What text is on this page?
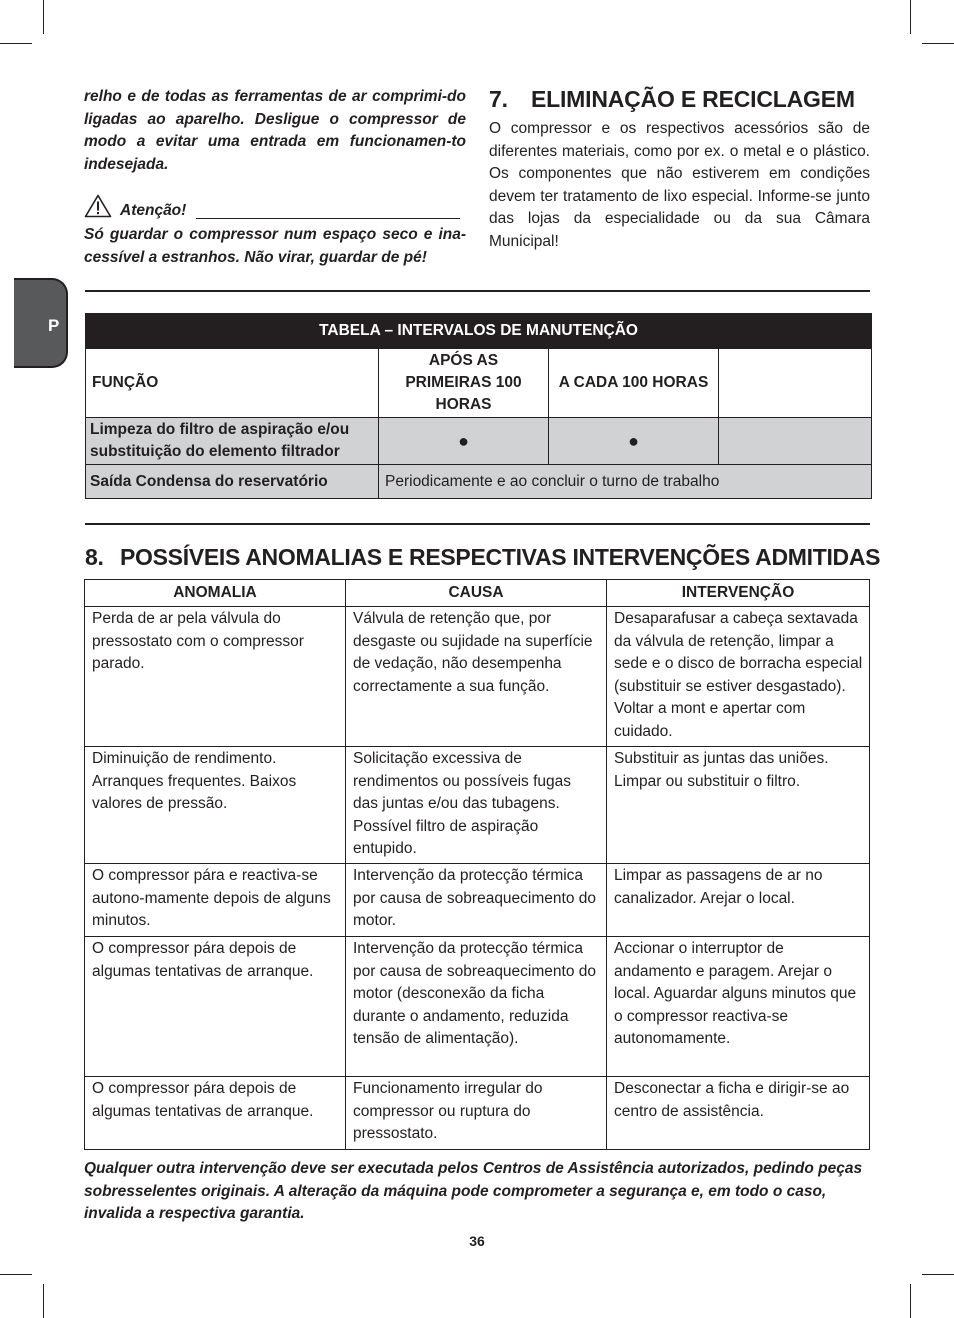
P

relho e de todas as ferramentas de ar comprimi-do ligadas ao aparelho. Desligue o compressor de modo a evitar uma entrada em funcionamen-to indesejada.

Atenção!

Só guardar o compressor num espaço seco e ina-cessível a estranhos. Não virar, guardar de pé!

7. ELIMINAÇÃO E RECICLAGEM

O compressor e os respectivos acessórios são de diferentes materiais, como por ex. o metal e o plástico. Os componentes que não estiverem em condições devem ter tratamento de lixo especial. Informe-se junto das lojas da especialidade ou da sua Câmara Municipal!

TABELA – INTERVALOS DE MANUTENÇÃO			
FUNÇÃO	APÓS AS PRIMEIRAS 100 HORAS	A CADA 100 HORAS	
Limpeza do filtro de aspiração e/ou substituição do elemento filtrador	●	●	
Saída Condensa do reservatório	Periodicamente e ao concluir o turno de trabalho		
8. POSSÍVEIS ANOMALIAS E RESPECTIVAS INTERVENÇÕES ADMITIDAS
ANOMALIA	CAUSA	INTERVENÇÃO
Perda de ar pela válvula do pressostato com o compressor parado.	Válvula de retenção que, por desgaste ou sujidade na superfície de vedação, não desempenha correctamente a sua função.	Desaparafusar a cabeça sextavada da válvula de retenção, limpar a sede e o disco de borracha especial (substituir se estiver desgastado). Voltar a mont e apertar com cuidado.
Diminuição de rendimento. Arranques frequentes. Baixos valores de pressão.	Solicitação excessiva de rendimentos ou possíveis fugas das juntas e/ou das tubagens. Possível filtro de aspiração entupido.	Substituir as juntas das uniões. Limpar ou substituir o filtro.
O compressor pára e reactiva-se autono-mamente depois de alguns minutos.	Intervenção da protecção térmica por causa de sobreaquecimento do motor.	Limpar as passagens de ar no canalizador. Arejar o local.
O compressor pára depois de algumas tentativas de arranque.	Intervenção da protecção térmica por causa de sobreaquecimento do motor (desconexão da ficha durante o andamento, reduzida tensão de alimentação).	Accionar o interruptor de andamento e paragem. Arejar o local. Aguardar alguns minutos que o compressor reactiva-se autonomamente.
O compressor pára depois de algumas tentativas de arranque.	Funcionamento irregular do compressor ou ruptura do pressostato.	Desconectar a ficha e dirigir-se ao centro de assistência.

Qualquer outra intervenção deve ser executada pelos Centros de Assistência autorizados, pedindo peças sobresselentes originais. A alteração da máquina pode comprometer a segurança e, em todo o caso, invalida a respectiva garantia.

36
